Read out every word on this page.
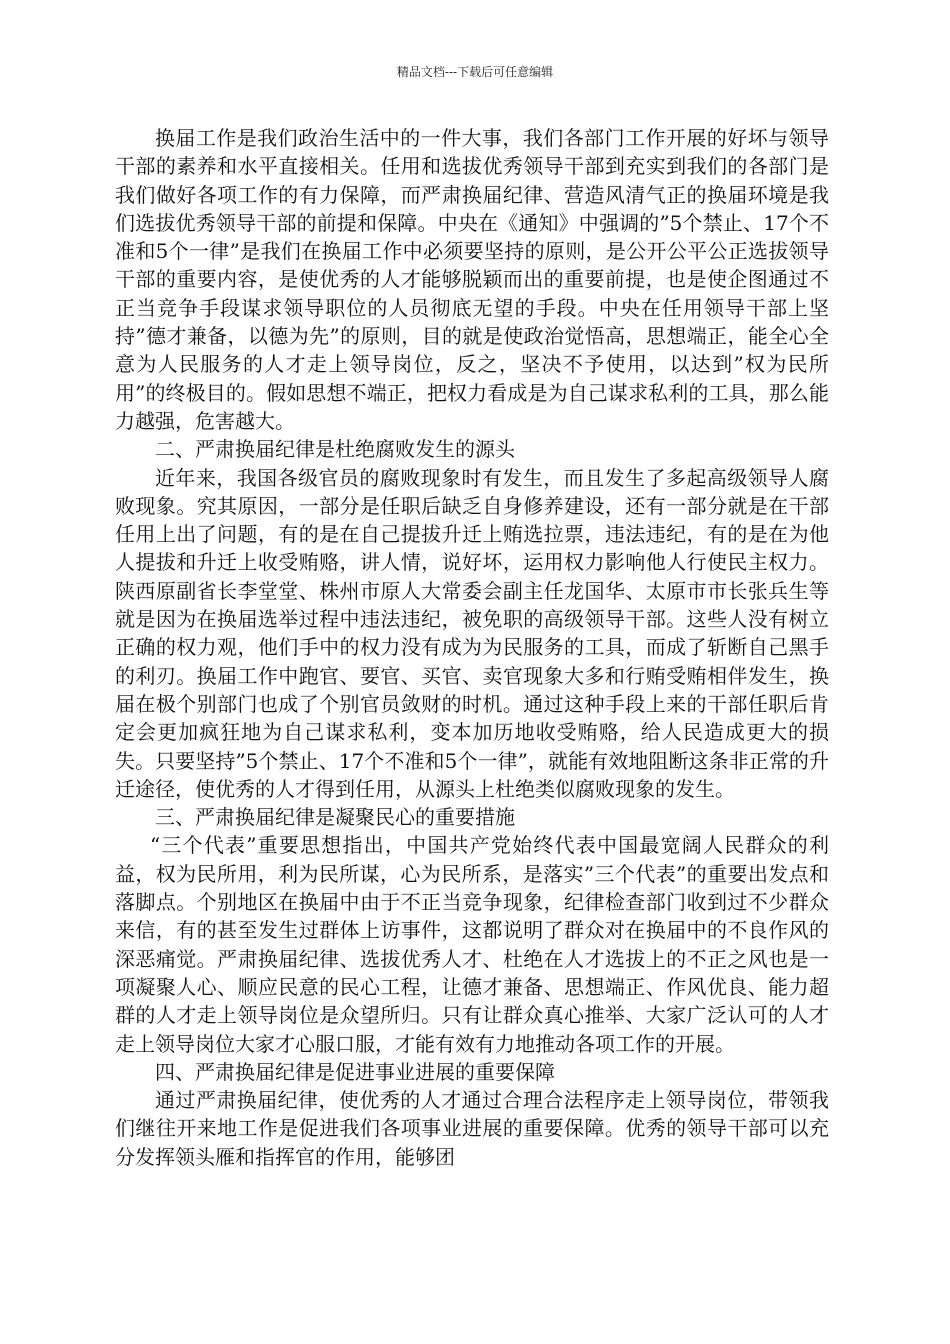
精品文档---下载后可任意编辑

换届工作是我们政治生活中的一件大事，我们各部门工作开展的好坏与领导干部的素养和水平直接相关。任用和选拔优秀领导干部到充实到我们的各部门是我们做好各项工作的有力保障，而严肃换届纪律、营造风清气正的换届环境是我们选拔优秀领导干部的前提和保障。中央在《通知》中强调的”5个禁止、17个不准和5个一律”是我们在换届工作中必须要坚持的原则，是公开公平公正选拔领导干部的重要内容，是使优秀的人才能够脱颖而出的重要前提，也是使企图通过不正当竞争手段谋求领导职位的人员彻底无望的手段。中央在任用领导干部上坚持”德才兼备，以德为先”的原则，目的就是使政治觉悟高，思想端正，能全心全意为人民服务的人才走上领导岗位，反之，坚决不予使用，以达到”权为民所用”的终极目的。假如思想不端正，把权力看成是为自己谋求私利的工具，那么能力越强，危害越大。

二、严肃换届纪律是杜绝腐败发生的源头

近年来，我国各级官员的腐败现象时有发生，而且发生了多起高级领导人腐败现象。究其原因，一部分是任职后缺乏自身修养建设，还有一部分就是在干部任用上出了问题，有的是在自己提拔升迁上贿选拉票，违法违纪，有的是在为他人提拔和升迁上收受贿赂，讲人情，说好坏，运用权力影响他人行使民主权力。陕西原副省长李堂堂、株州市原人大常委会副主任龙国华、太原市市长张兵生等就是因为在换届选举过程中违法违纪，被免职的高级领导干部。这些人没有树立正确的权力观，他们手中的权力没有成为为民服务的工具，而成了斩断自己黑手的利刃。换届工作中跑官、要官、买官、卖官现象大多和行贿受贿相伴发生，换届在极个别部门也成了个别官员敛财的时机。通过这种手段上来的干部任职后肯定会更加疯狂地为自己谋求私利，变本加历地收受贿赂，给人民造成更大的损失。只要坚持”5个禁止、17个不准和5个一律”，就能有效地阻断这条非正常的升迁途径，使优秀的人才得到任用，从源头上杜绝类似腐败现象的发生。

三、严肃换届纪律是凝聚民心的重要措施

“三个代表”重要思想指出，中国共产党始终代表中国最宽阔人民群众的利益，权为民所用，利为民所谋，心为民所系，是落实”三个代表”的重要出发点和落脚点。个别地区在换届中由于不正当竞争现象，纪律检查部门收到过不少群众来信，有的甚至发生过群体上访事件，这都说明了群众对在换届中的不良作风的深恶痛觉。严肃换届纪律、选拔优秀人才、杜绝在人才选拔上的不正之风也是一项凝聚人心、顺应民意的民心工程，让德才兼备、思想端正、作风优良、能力超群的人才走上领导岗位是众望所归。只有让群众真心推举、大家广泛认可的人才走上领导岗位大家才心服口服，才能有效有力地推动各项工作的开展。

四、严肃换届纪律是促进事业进展的重要保障

通过严肃换届纪律，使优秀的人才通过合理合法程序走上领导岗位，带领我们继往开来地工作是促进我们各项事业进展的重要保障。优秀的领导干部可以充分发挥领头雁和指挥官的作用，能够团
